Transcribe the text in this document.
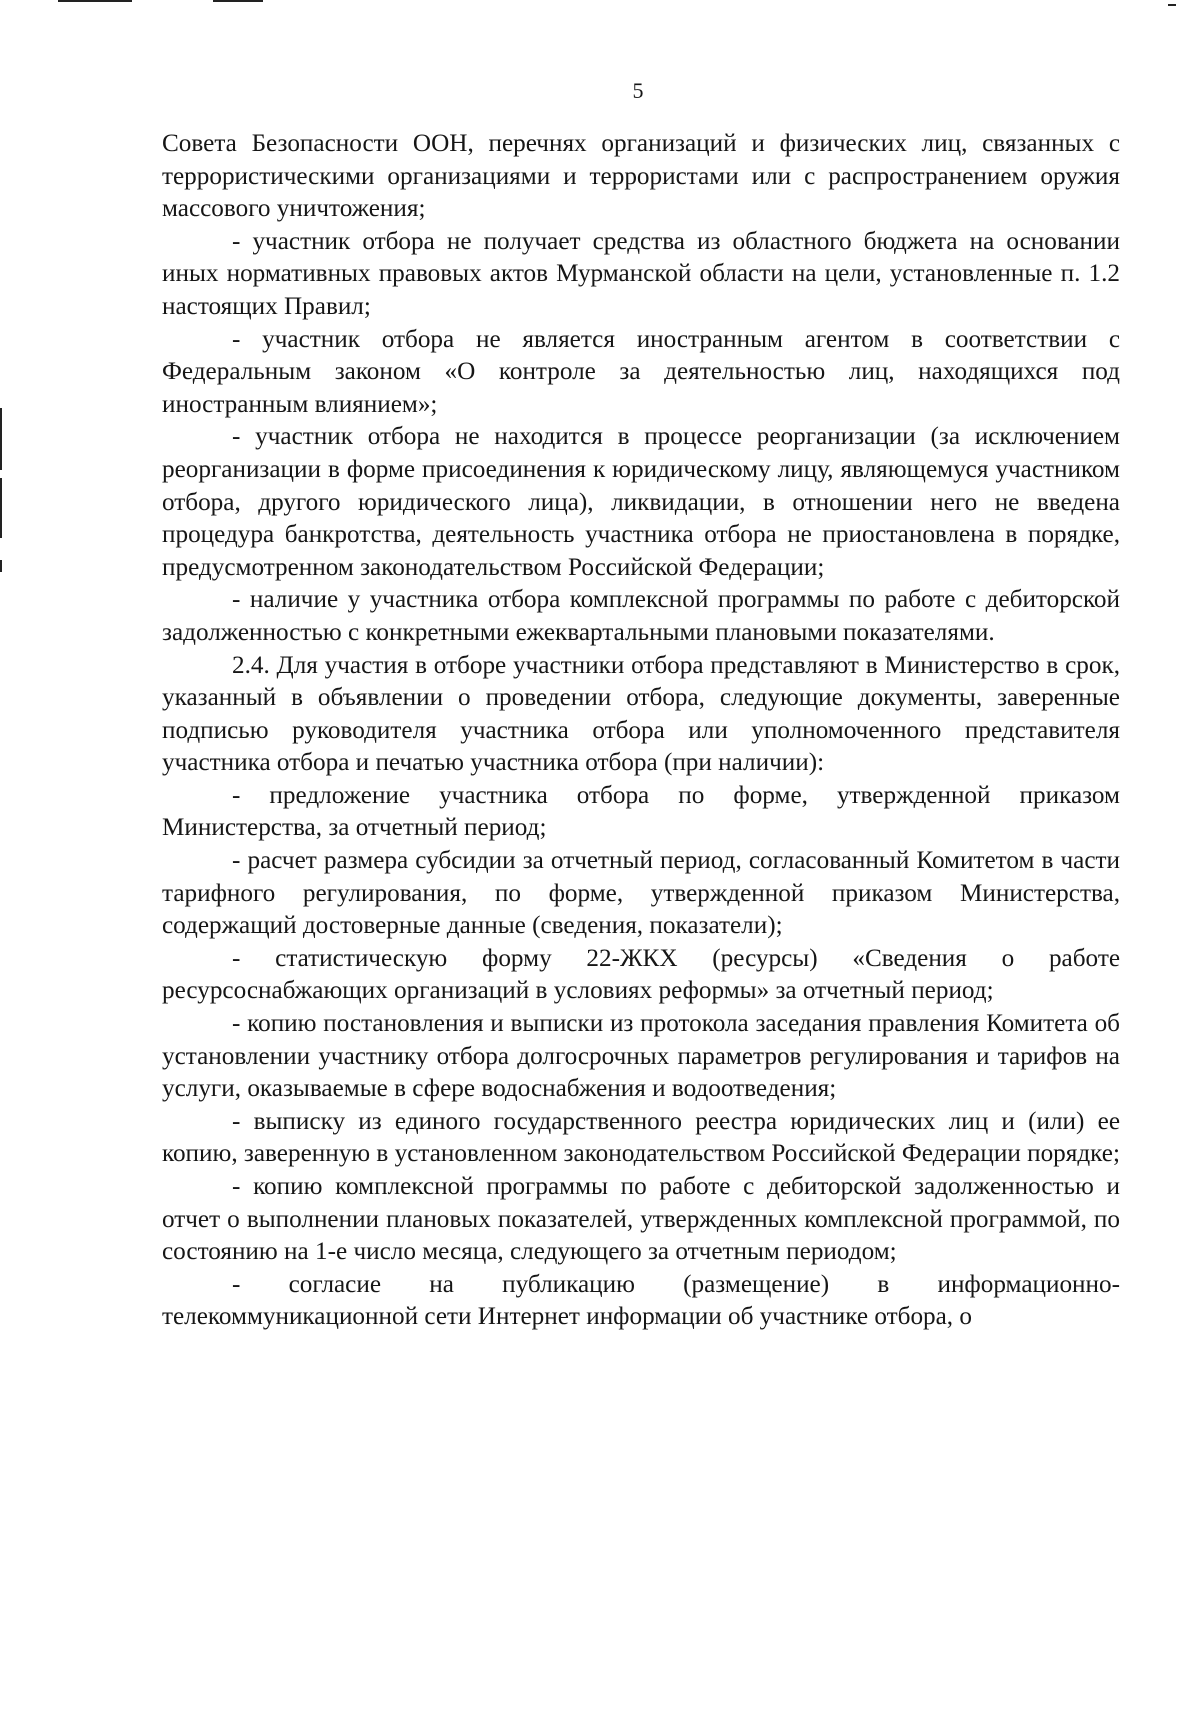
5

Совета Безопасности ООН, перечнях организаций и физических лиц, связанных с террористическими организациями и террористами или с распространением оружия массового уничтожения;

- участник отбора не получает средства из областного бюджета на основании иных нормативных правовых актов Мурманской области на цели, установленные п. 1.2 настоящих Правил;

- участник отбора не является иностранным агентом в соответствии с Федеральным законом «О контроле за деятельностью лиц, находящихся под иностранным влиянием»;

- участник отбора не находится в процессе реорганизации (за исключением реорганизации в форме присоединения к юридическому лицу, являющемуся участником отбора, другого юридического лица), ликвидации, в отношении него не введена процедура банкротства, деятельность участника отбора не приостановлена в порядке, предусмотренном законодательством Российской Федерации;

- наличие у участника отбора комплексной программы по работе с дебиторской задолженностью с конкретными ежеквартальными плановыми показателями.

2.4. Для участия в отборе участники отбора представляют в Министерство в срок, указанный в объявлении о проведении отбора, следующие документы, заверенные подписью руководителя участника отбора или уполномоченного представителя участника отбора и печатью участника отбора (при наличии):

- предложение участника отбора по форме, утвержденной приказом Министерства, за отчетный период;

- расчет размера субсидии за отчетный период, согласованный Комитетом в части тарифного регулирования, по форме, утвержденной приказом Министерства, содержащий достоверные данные (сведения, показатели);

- статистическую форму 22-ЖКХ (ресурсы) «Сведения о работе ресурсоснабжающих организаций в условиях реформы» за отчетный период;

- копию постановления и выписки из протокола заседания правления Комитета об установлении участнику отбора долгосрочных параметров регулирования и тарифов на услуги, оказываемые в сфере водоснабжения и водоотведения;

- выписку из единого государственного реестра юридических лиц и (или) ее копию, заверенную в установленном законодательством Российской Федерации порядке;

- копию комплексной программы по работе с дебиторской задолженностью и отчет о выполнении плановых показателей, утвержденных комплексной программой, по состоянию на 1-е число месяца, следующего за отчетным периодом;

- согласие на публикацию (размещение) в информационно-телекоммуникационной сети Интернет информации об участнике отбора, о
